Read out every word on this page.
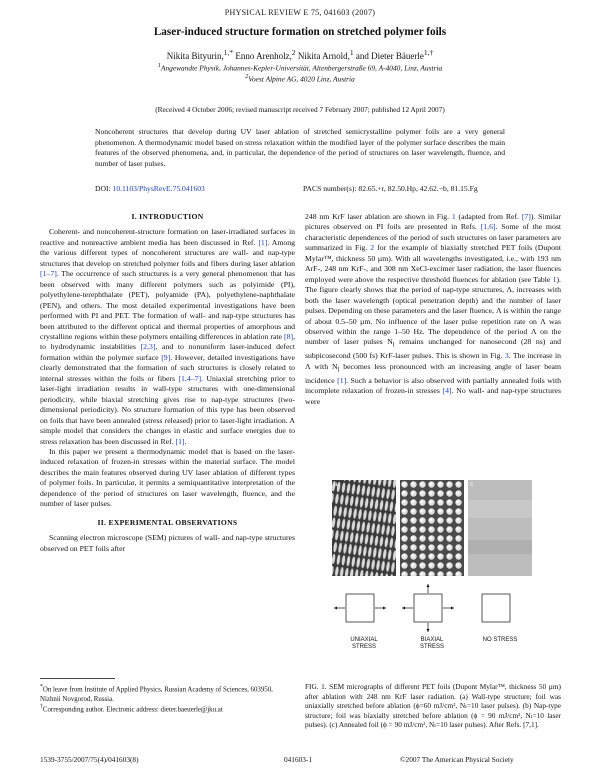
PHYSICAL REVIEW E 75, 041603 (2007)
Laser-induced structure formation on stretched polymer foils
Nikita Bityurin,$^{1,*}$ Enno Arenholz,$^2$ Nikita Arnold,$^1$ and Dieter Bäuerle$^{1,\dagger}$
$^1$Angewandte Physik, Johannes-Kepler-Universität, Altenbergerstraße 69, A-4040, Linz, Austria
$^2$Voest Alpine AG, 4020 Linz, Austria
(Received 4 October 2006; revised manuscript received 7 February 2007; published 12 April 2007)
Noncoherent structures that develop during UV laser ablation of stretched semicrystalline polymer foils are a very general phenomenon. A thermodynamic model based on stress relaxation within the modified layer of the polymer surface describes the main features of the observed phenomena, and, in particular, the dependence of the period of structures on laser wavelength, fluence, and number of laser pulses.
DOI: 10.1103/PhysRevE.75.041603	PACS number(s): 82.65.+r, 82.50.Hp, 42.62.−b, 81.15.Fg
I. INTRODUCTION

Coherent- and noncoherent-structure formation on laser-irradiated surfaces in reactive and nonreactive ambient media has been discussed in Ref. [1]. Among the various different types of noncoherent structures are wall- and nap-type structures that develop on stretched polymer foils and fibers during laser ablation [1–7]. The occurrence of such structures is a very general phenomenon that has been observed with many different polymers such as polyimide (PI), polyethylene-terephthalate (PET), polyamide (PA), polyethylene-naphthalate (PEN), and others. The most detailed experimental investigations have been performed with PI and PET. The formation of wall- and nap-type structures has been attributed to the different optical and thermal properties of amorphous and crystalline regions within these polymers entailing differences in ablation rate [8], to hydrodynamic instabilities [2,3], and to nonuniform laser-induced defect formation within the polymer surface [9]. However, detailed investigations have clearly demonstrated that the formation of such structures is closely related to internal stresses within the foils or fibers [1,4–7]. Uniaxial stretching prior to laser-light irradiation results in wall-type structures with one-dimensional periodicity, while biaxial stretching gives rise to nap-type structures (two-dimensional periodicity). No structure formation of this type has been observed on foils that have been annealed (stress released) prior to laser-light irradiation. A simple model that considers the changes in elastic and surface energies due to stress relaxation has been discussed in Ref. [1].

In this paper we present a thermodynamic model that is based on the laser-induced relaxation of frozen-in stresses within the material surface. The model describes the main features observed during UV laser ablation of different types of polymer foils. In particular, it permits a semiquantitative interpretation of the dependence of the period of structures on laser wavelength, fluence, and the number of laser pulses.

II. EXPERIMENTAL OBSERVATIONS

Scanning electron microscope (SEM) pictures of wall- and nap-type structures observed on PET foils after

248 nm KrF laser ablation are shown in Fig. 1 (adapted from Ref. [7]). Similar pictures observed on PI foils are presented in Refs. [1,6]. Some of the most characteristic dependences of the period of such structures on laser parameters are summarized in Fig. 2 for the example of biaxially stretched PET foils (Dupont Mylar™, thickness 50 µm). With all wavelengths investigated, i.e., with 193 nm ArF-, 248 nm KrF-, and 308 nm XeCl-excimer laser radiation, the laser fluences employed were above the respective threshold fluences for ablation (see Table 1). The figure clearly shows that the period of nap-type structures, Λ, increases with both the laser wavelength (optical penetration depth) and the number of laser pulses. Depending on these parameters and the laser fluence, Λ is within the range of about 0.5–50 µm. No influence of the laser pulse repetition rate on Λ was observed within the range 1–50 Hz. The dependence of the period Λ on the number of laser pulses $N_l$ remains unchanged for nanosecond (28 ns) and subpicosecond (500 fs) KrF-laser pulses. This is shown in Fig. 3. The increase in Λ with $N_l$ becomes less pronounced with an increasing angle of laser beam incidence [1]. Such a behavior is also observed with partially annealed foils with incomplete relaxation of frozen-in stresses [4]. No wall- and nap-type structures were

a	b	c
UNIAXIAL
STRESS
BIAXIAL
STRESS
NO STRESS
FIG. 1. SEM micrographs of different PET foils (Dupont Mylar™, thickness 50 µm) after ablation with 248 nm KrF laser radiation. (a) Wall-type structure; foil was uniaxially stretched before ablation (ϕ=60 mJ/cm², Nₗ=10 laser pulses). (b) Nap-type structure; foil was biaxially stretched before ablation (ϕ = 90 mJ/cm², Nₗ=10 laser pulses). (c) Annealed foil (ϕ = 90 mJ/cm², Nₗ=10 laser pulses). After Refs. [7,1].
*On leave from Institute of Applied Physics, Russian Academy of Sciences, 603950, Nizhnii Novgorod, Russia.
†Corresponding author. Electronic address: dieter.baeuerle@jku.at
1539-3755/2007/75(4)/041603(8)	041603-1	©2007 The American Physical Society
